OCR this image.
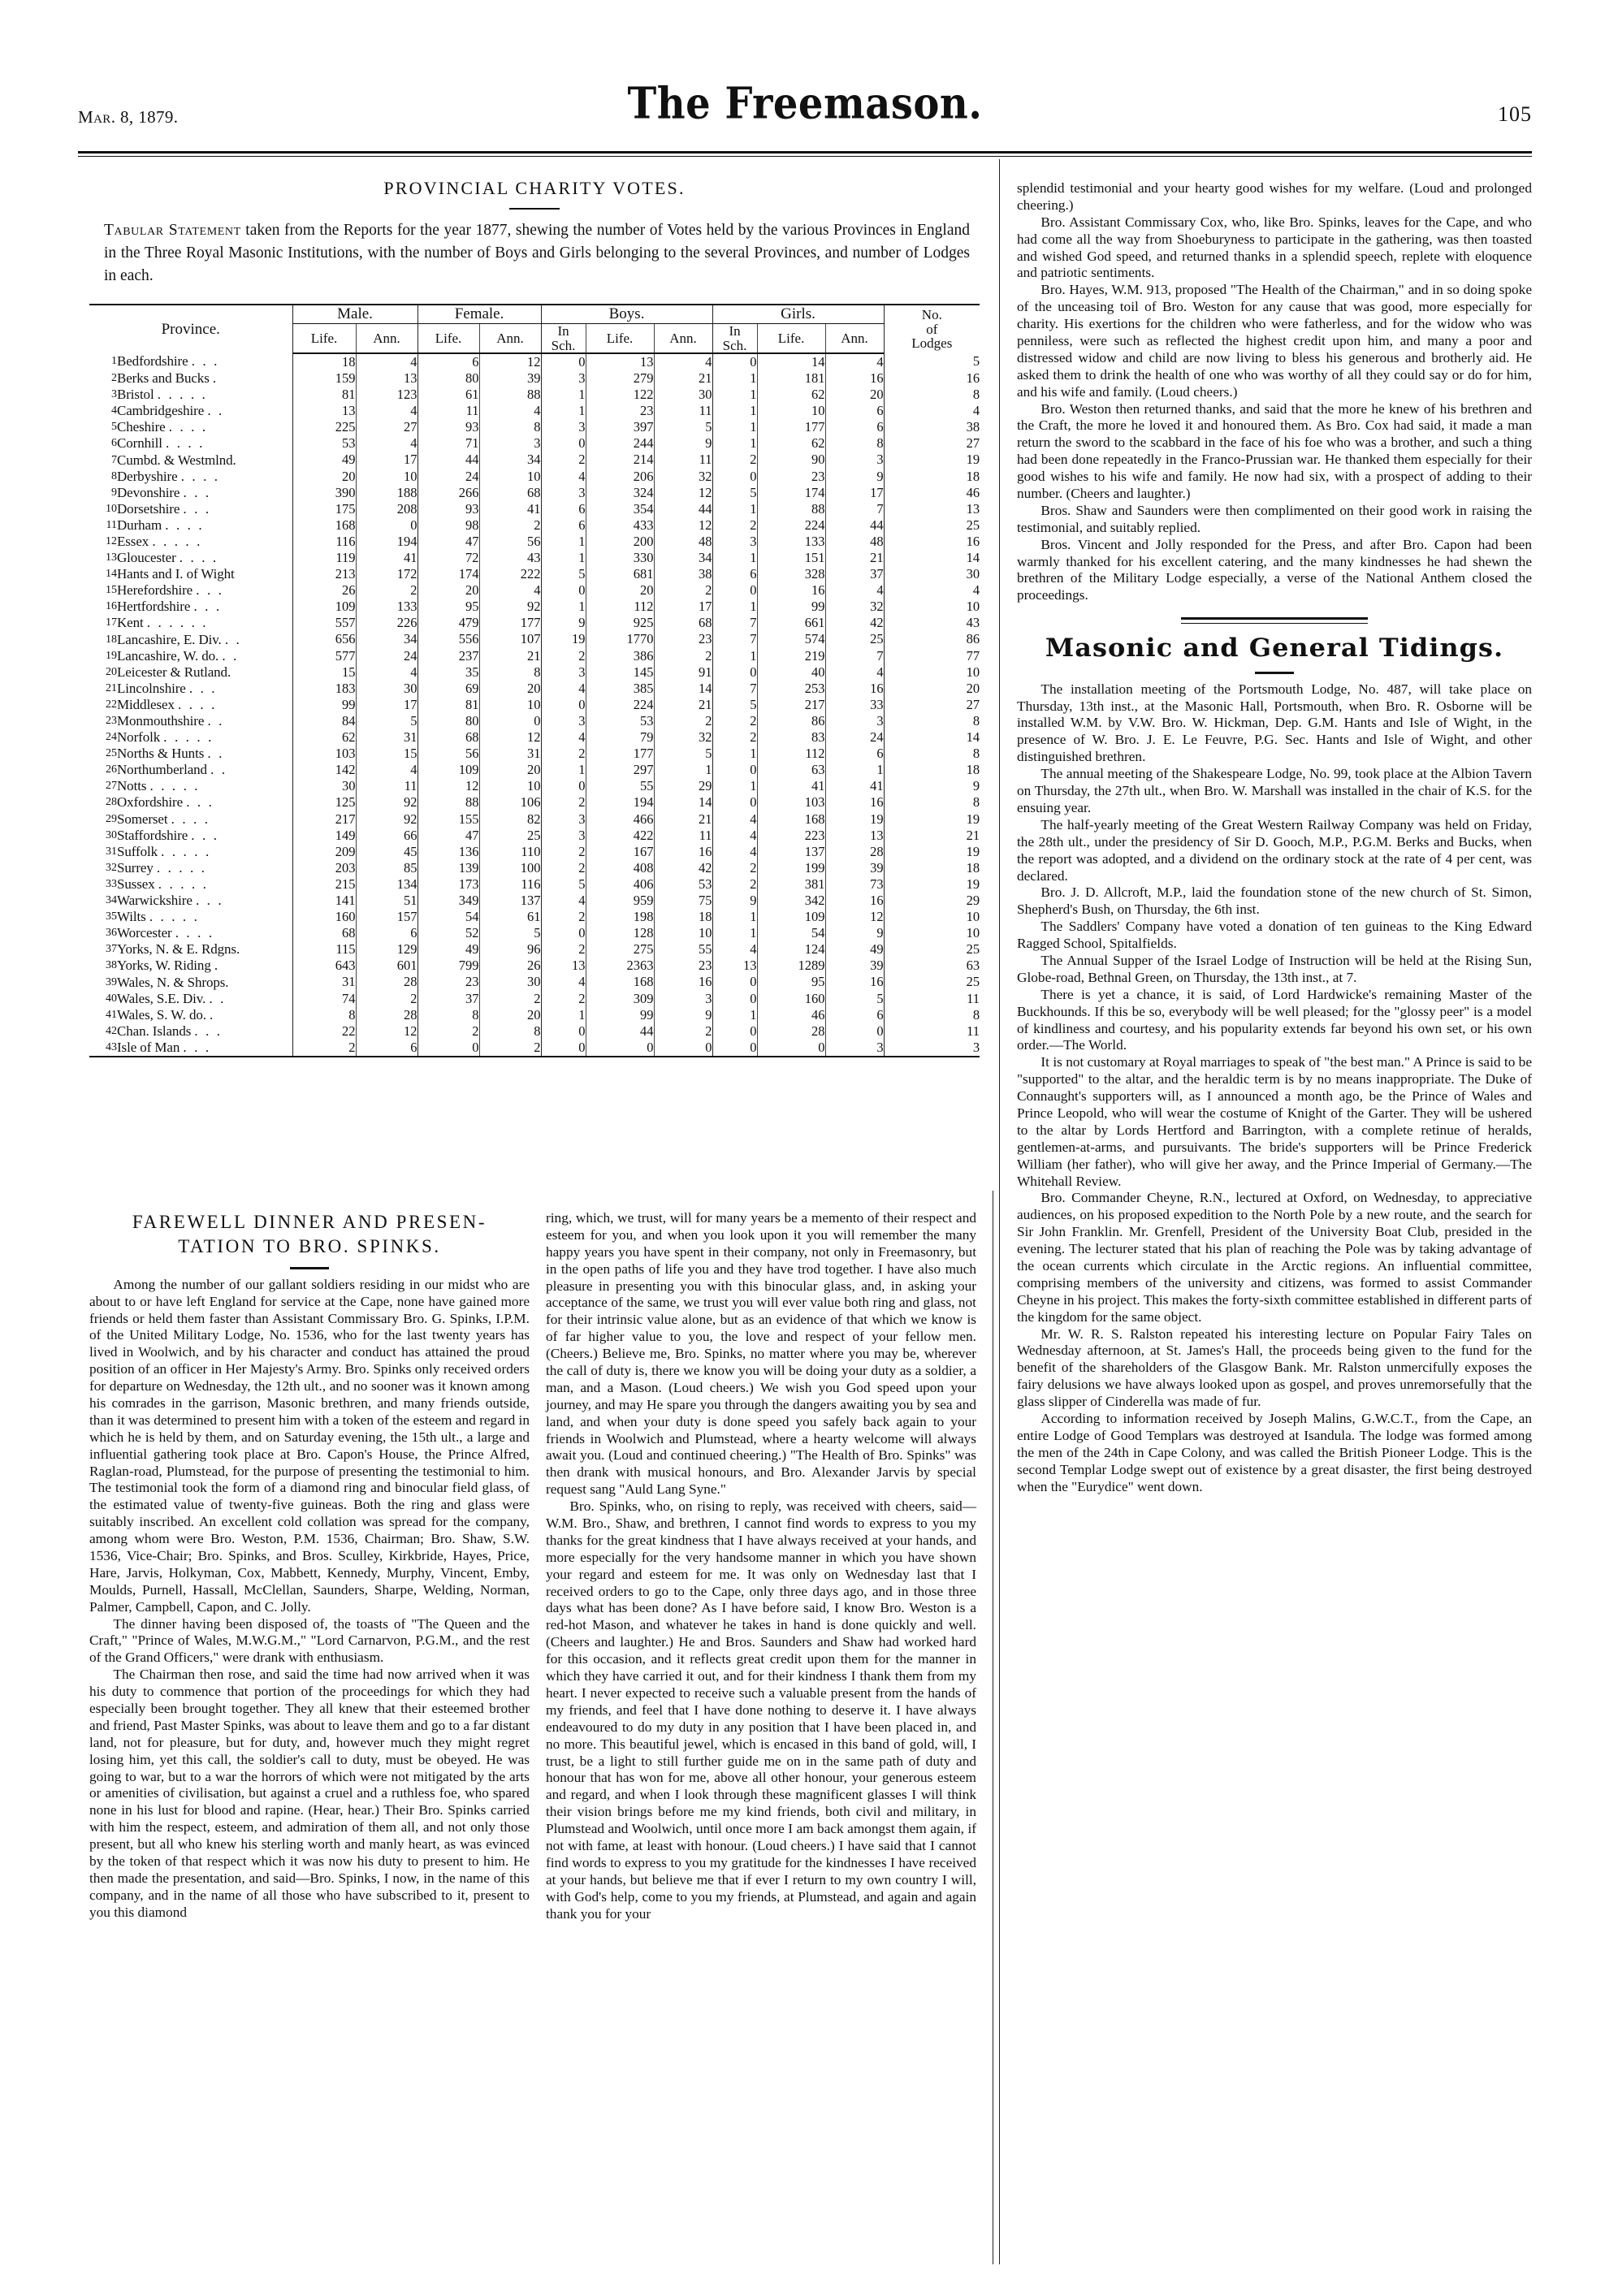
Mar. 8, 1879.	The Freemason.	105
PROVINCIAL CHARITY VOTES.

Tabular Statement taken from the Reports for the year 1877, shewing the number of Votes held by the various Provinces in England in the Three Royal Masonic Institutions, with the number of Boys and Girls belonging to the several Provinces, and number of Lodges in each.

Province.		Male.		Female.		Boys.			Girls.			No.
of
Lodges
		Life.	Ann.	Life.	Ann.	In
Sch.	Life.	Ann.	In
Sch.	Life.	Ann.	
1	Bedfordshire . . .	18	4	6	12	0	13	4	0	14	4	5
2	Berks and Bucks .	159	13	80	39	3	279	21	1	181	16	16
3	Bristol . . . . .	81	123	61	88	1	122	30	1	62	20	8
4	Cambridgeshire . .	13	4	11	4	1	23	11	1	10	6	4
5	Cheshire . . . .	225	27	93	8	3	397	5	1	177	6	38
6	Cornhill . . . .	53	4	71	3	0	244	9	1	62	8	27
7	Cumbd. & Westmlnd.	49	17	44	34	2	214	11	2	90	3	19
8	Derbyshire . . . .	20	10	24	10	4	206	32	0	23	9	18
9	Devonshire . . .	390	188	266	68	3	324	12	5	174	17	46
10	Dorsetshire . . .	175	208	93	41	6	354	44	1	88	7	13
11	Durham . . . .	168	0	98	2	6	433	12	2	224	44	25
12	Essex . . . . .	116	194	47	56	1	200	48	3	133	48	16
13	Gloucester . . . .	119	41	72	43	1	330	34	1	151	21	14
14	Hants and I. of Wight	213	172	174	222	5	681	38	6	328	37	30
15	Herefordshire . . .	26	2	20	4	0	20	2	0	16	4	4
16	Hertfordshire . . .	109	133	95	92	1	112	17	1	99	32	10
17	Kent . . . . . .	557	226	479	177	9	925	68	7	661	42	43
18	Lancashire, E. Div. . .	656	34	556	107	19	1770	23	7	574	25	86
19	Lancashire, W. do. . .	577	24	237	21	2	386	2	1	219	7	77
20	Leicester & Rutland.	15	4	35	8	3	145	91	0	40	4	10
21	Lincolnshire . . .	183	30	69	20	4	385	14	7	253	16	20
22	Middlesex . . . .	99	17	81	10	0	224	21	5	217	33	27
23	Monmouthshire . .	84	5	80	0	3	53	2	2	86	3	8
24	Norfolk . . . . .	62	31	68	12	4	79	32	2	83	24	14
25	Norths & Hunts . .	103	15	56	31	2	177	5	1	112	6	8
26	Northumberland . .	142	4	109	20	1	297	1	0	63	1	18
27	Notts . . . . .	30	11	12	10	0	55	29	1	41	41	9
28	Oxfordshire . . .	125	92	88	106	2	194	14	0	103	16	8
29	Somerset . . . .	217	92	155	82	3	466	21	4	168	19	19
30	Staffordshire . . .	149	66	47	25	3	422	11	4	223	13	21
31	Suffolk . . . . .	209	45	136	110	2	167	16	4	137	28	19
32	Surrey . . . . .	203	85	139	100	2	408	42	2	199	39	18
33	Sussex . . . . .	215	134	173	116	5	406	53	2	381	73	19
34	Warwickshire . . .	141	51	349	137	4	959	75	9	342	16	29
35	Wilts . . . . .	160	157	54	61	2	198	18	1	109	12	10
36	Worcester . . . .	68	6	52	5	0	128	10	1	54	9	10
37	Yorks, N. & E. Rdgns.	115	129	49	96	2	275	55	4	124	49	25
38	Yorks, W. Riding .	643	601	799	26	13	2363	23	13	1289	39	63
39	Wales, N. & Shrops.	31	28	23	30	4	168	16	0	95	16	25
40	Wales, S.E. Div. . .	74	2	37	2	2	309	3	0	160	5	11
41	Wales, S. W. do. .	8	28	8	20	1	99	9	1	46	6	8
42	Chan. Islands . . .	22	12	2	8	0	44	2	0	28	0	11
43	Isle of Man . . .	2	6	0	2	0	0	0	0	0	3	3
FAREWELL DINNER AND PRESEN-
TATION TO BRO. SPINKS.

Among the number of our gallant soldiers residing in our midst who are about to or have left England for service at the Cape, none have gained more friends or held them faster than Assistant Commissary Bro. G. Spinks, I.P.M. of the United Military Lodge, No. 1536, who for the last twenty years has lived in Woolwich, and by his character and conduct has attained the proud position of an officer in Her Majesty's Army. Bro. Spinks only received orders for departure on Wednesday, the 12th ult., and no sooner was it known among his comrades in the garrison, Masonic brethren, and many friends outside, than it was determined to present him with a token of the esteem and regard in which he is held by them, and on Saturday evening, the 15th ult., a large and influential gathering took place at Bro. Capon's House, the Prince Alfred, Raglan-road, Plumstead, for the purpose of presenting the testimonial to him. The testimonial took the form of a diamond ring and binocular field glass, of the estimated value of twenty-five guineas. Both the ring and glass were suitably inscribed. An excellent cold collation was spread for the company, among whom were Bro. Weston, P.M. 1536, Chairman; Bro. Shaw, S.W. 1536, Vice-Chair; Bro. Spinks, and Bros. Sculley, Kirkbride, Hayes, Price, Hare, Jarvis, Holkyman, Cox, Mabbett, Kennedy, Murphy, Vincent, Emby, Moulds, Purnell, Hassall, McClellan, Saunders, Sharpe, Welding, Norman, Palmer, Campbell, Capon, and C. Jolly.

The dinner having been disposed of, the toasts of "The Queen and the Craft," "Prince of Wales, M.W.G.M.," "Lord Carnarvon, P.G.M., and the rest of the Grand Officers," were drank with enthusiasm.

The Chairman then rose, and said the time had now arrived when it was his duty to commence that portion of the proceedings for which they had especially been brought together. They all knew that their esteemed brother and friend, Past Master Spinks, was about to leave them and go to a far distant land, not for pleasure, but for duty, and, however much they might regret losing him, yet this call, the soldier's call to duty, must be obeyed. He was going to war, but to a war the horrors of which were not mitigated by the arts or amenities of civilisation, but against a cruel and a ruthless foe, who spared none in his lust for blood and rapine. (Hear, hear.) Their Bro. Spinks carried with him the respect, esteem, and admiration of them all, and not only those present, but all who knew his sterling worth and manly heart, as was evinced by the token of that respect which it was now his duty to present to him. He then made the presentation, and said—Bro. Spinks, I now, in the name of this company, and in the name of all those who have subscribed to it, present to you this diamond

ring, which, we trust, will for many years be a memento of their respect and esteem for you, and when you look upon it you will remember the many happy years you have spent in their company, not only in Freemasonry, but in the open paths of life you and they have trod together. I have also much pleasure in presenting you with this binocular glass, and, in asking your acceptance of the same, we trust you will ever value both ring and glass, not for their intrinsic value alone, but as an evidence of that which we know is of far higher value to you, the love and respect of your fellow men. (Cheers.) Believe me, Bro. Spinks, no matter where you may be, wherever the call of duty is, there we know you will be doing your duty as a soldier, a man, and a Mason. (Loud cheers.) We wish you God speed upon your journey, and may He spare you through the dangers awaiting you by sea and land, and when your duty is done speed you safely back again to your friends in Woolwich and Plumstead, where a hearty welcome will always await you. (Loud and continued cheering.) "The Health of Bro. Spinks" was then drank with musical honours, and Bro. Alexander Jarvis by special request sang "Auld Lang Syne."

Bro. Spinks, who, on rising to reply, was received with cheers, said—W.M. Bro., Shaw, and brethren, I cannot find words to express to you my thanks for the great kindness that I have always received at your hands, and more especially for the very handsome manner in which you have shown your regard and esteem for me. It was only on Wednesday last that I received orders to go to the Cape, only three days ago, and in those three days what has been done? As I have before said, I know Bro. Weston is a red-hot Mason, and whatever he takes in hand is done quickly and well. (Cheers and laughter.) He and Bros. Saunders and Shaw had worked hard for this occasion, and it reflects great credit upon them for the manner in which they have carried it out, and for their kindness I thank them from my heart. I never expected to receive such a valuable present from the hands of my friends, and feel that I have done nothing to deserve it. I have always endeavoured to do my duty in any position that I have been placed in, and no more. This beautiful jewel, which is encased in this band of gold, will, I trust, be a light to still further guide me on in the same path of duty and honour that has won for me, above all other honour, your generous esteem and regard, and when I look through these magnificent glasses I will think their vision brings before me my kind friends, both civil and military, in Plumstead and Woolwich, until once more I am back amongst them again, if not with fame, at least with honour. (Loud cheers.) I have said that I cannot find words to express to you my gratitude for the kindnesses I have received at your hands, but believe me that if ever I return to my own country I will, with God's help, come to you my friends, at Plumstead, and again and again thank you for your

splendid testimonial and your hearty good wishes for my welfare. (Loud and prolonged cheering.)

Bro. Assistant Commissary Cox, who, like Bro. Spinks, leaves for the Cape, and who had come all the way from Shoeburyness to participate in the gathering, was then toasted and wished God speed, and returned thanks in a splendid speech, replete with eloquence and patriotic sentiments.

Bro. Hayes, W.M. 913, proposed "The Health of the Chairman," and in so doing spoke of the unceasing toil of Bro. Weston for any cause that was good, more especially for charity. His exertions for the children who were fatherless, and for the widow who was penniless, were such as reflected the highest credit upon him, and many a poor and distressed widow and child are now living to bless his generous and brotherly aid. He asked them to drink the health of one who was worthy of all they could say or do for him, and his wife and family. (Loud cheers.)

Bro. Weston then returned thanks, and said that the more he knew of his brethren and the Craft, the more he loved it and honoured them. As Bro. Cox had said, it made a man return the sword to the scabbard in the face of his foe who was a brother, and such a thing had been done repeatedly in the Franco-Prussian war. He thanked them especially for their good wishes to his wife and family. He now had six, with a prospect of adding to their number. (Cheers and laughter.)

Bros. Shaw and Saunders were then complimented on their good work in raising the testimonial, and suitably replied.

Bros. Vincent and Jolly responded for the Press, and after Bro. Capon had been warmly thanked for his excellent catering, and the many kindnesses he had shewn the brethren of the Military Lodge especially, a verse of the National Anthem closed the proceedings.

Masonic and General Tidings.

The installation meeting of the Portsmouth Lodge, No. 487, will take place on Thursday, 13th inst., at the Masonic Hall, Portsmouth, when Bro. R. Osborne will be installed W.M. by V.W. Bro. W. Hickman, Dep. G.M. Hants and Isle of Wight, in the presence of W. Bro. J. E. Le Feuvre, P.G. Sec. Hants and Isle of Wight, and other distinguished brethren.

The annual meeting of the Shakespeare Lodge, No. 99, took place at the Albion Tavern on Thursday, the 27th ult., when Bro. W. Marshall was installed in the chair of K.S. for the ensuing year.

The half-yearly meeting of the Great Western Railway Company was held on Friday, the 28th ult., under the presidency of Sir D. Gooch, M.P., P.G.M. Berks and Bucks, when the report was adopted, and a dividend on the ordinary stock at the rate of 4 per cent, was declared.

Bro. J. D. Allcroft, M.P., laid the foundation stone of the new church of St. Simon, Shepherd's Bush, on Thursday, the 6th inst.

The Saddlers' Company have voted a donation of ten guineas to the King Edward Ragged School, Spitalfields.

The Annual Supper of the Israel Lodge of Instruction will be held at the Rising Sun, Globe-road, Bethnal Green, on Thursday, the 13th inst., at 7.

There is yet a chance, it is said, of Lord Hardwicke's remaining Master of the Buckhounds. If this be so, everybody will be well pleased; for the "glossy peer" is a model of kindliness and courtesy, and his popularity extends far beyond his own set, or his own order.—The World.

It is not customary at Royal marriages to speak of "the best man." A Prince is said to be "supported" to the altar, and the heraldic term is by no means inappropriate. The Duke of Connaught's supporters will, as I announced a month ago, be the Prince of Wales and Prince Leopold, who will wear the costume of Knight of the Garter. They will be ushered to the altar by Lords Hertford and Barrington, with a complete retinue of heralds, gentlemen-at-arms, and pursuivants. The bride's supporters will be Prince Frederick William (her father), who will give her away, and the Prince Imperial of Germany.—The Whitehall Review.

Bro. Commander Cheyne, R.N., lectured at Oxford, on Wednesday, to appreciative audiences, on his proposed expedition to the North Pole by a new route, and the search for Sir John Franklin. Mr. Grenfell, President of the University Boat Club, presided in the evening. The lecturer stated that his plan of reaching the Pole was by taking advantage of the ocean currents which circulate in the Arctic regions. An influential committee, comprising members of the university and citizens, was formed to assist Commander Cheyne in his project. This makes the forty-sixth committee established in different parts of the kingdom for the same object.

Mr. W. R. S. Ralston repeated his interesting lecture on Popular Fairy Tales on Wednesday afternoon, at St. James's Hall, the proceeds being given to the fund for the benefit of the shareholders of the Glasgow Bank. Mr. Ralston unmercifully exposes the fairy delusions we have always looked upon as gospel, and proves unremorsefully that the glass slipper of Cinderella was made of fur.

According to information received by Joseph Malins, G.W.C.T., from the Cape, an entire Lodge of Good Templars was destroyed at Isandula. The lodge was formed among the men of the 24th in Cape Colony, and was called the British Pioneer Lodge. This is the second Templar Lodge swept out of existence by a great disaster, the first being destroyed when the "Eurydice" went down.
